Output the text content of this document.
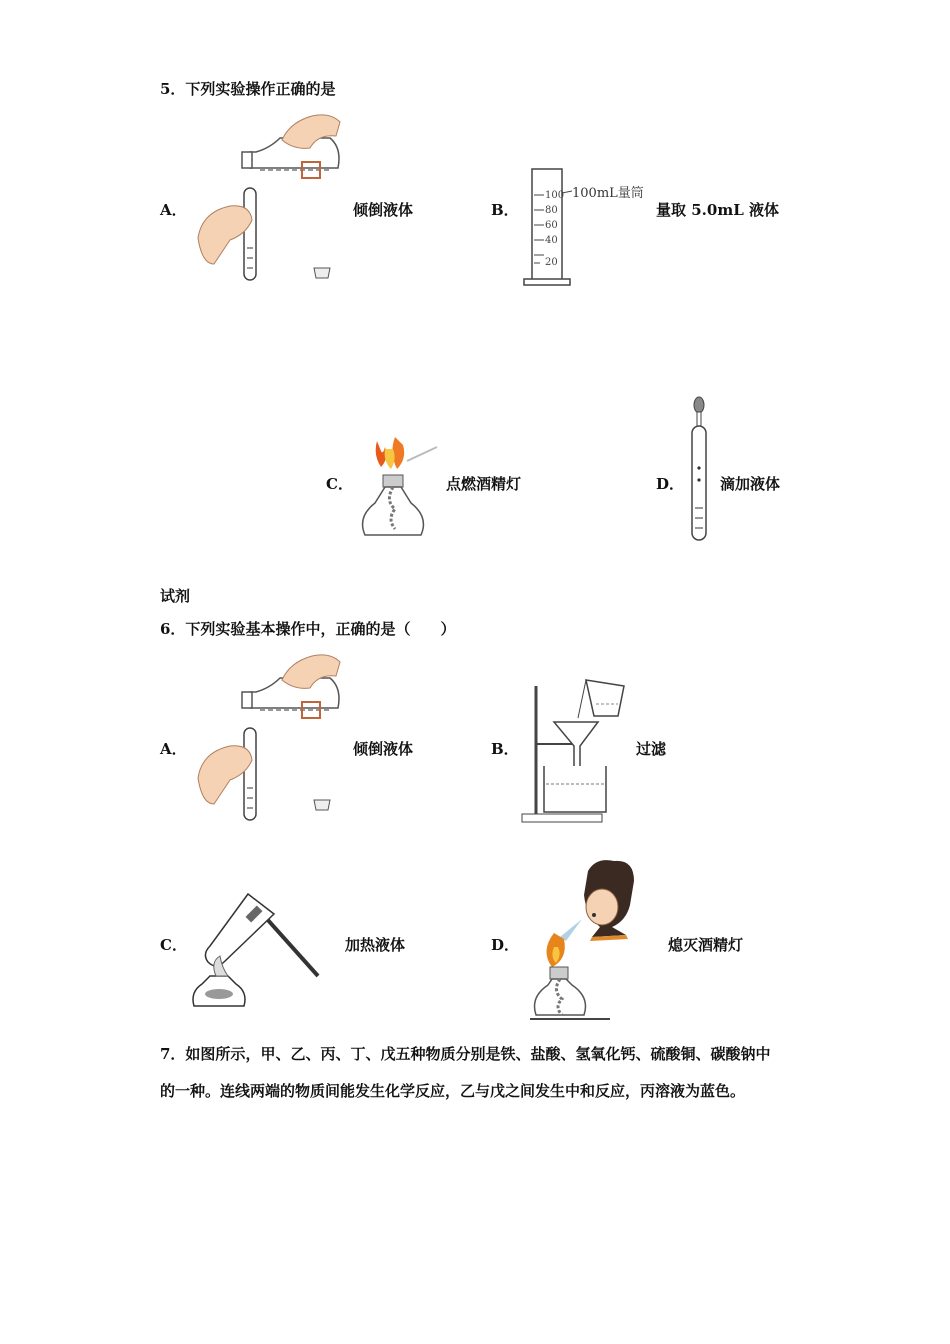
5．下列实验操作正确的是
A．	倾倒液体	B．
100
80
60
40
20
100mL量筒
量取 5.0mL 液体
C．	点燃酒精灯	D． 滴加液体
试剂
6．下列实验基本操作中，正确的是（　　）
A．	倾倒液体	B．	过滤
C．	加热液体	D．	熄灭酒精灯
7．如图所示，甲、乙、丙、丁、戊五种物质分别是铁、盐酸、氢氧化钙、硫酸铜、碳酸钠中
的一种。连线两端的物质间能发生化学反应，乙与戊之间发生中和反应，丙溶液为蓝色。
